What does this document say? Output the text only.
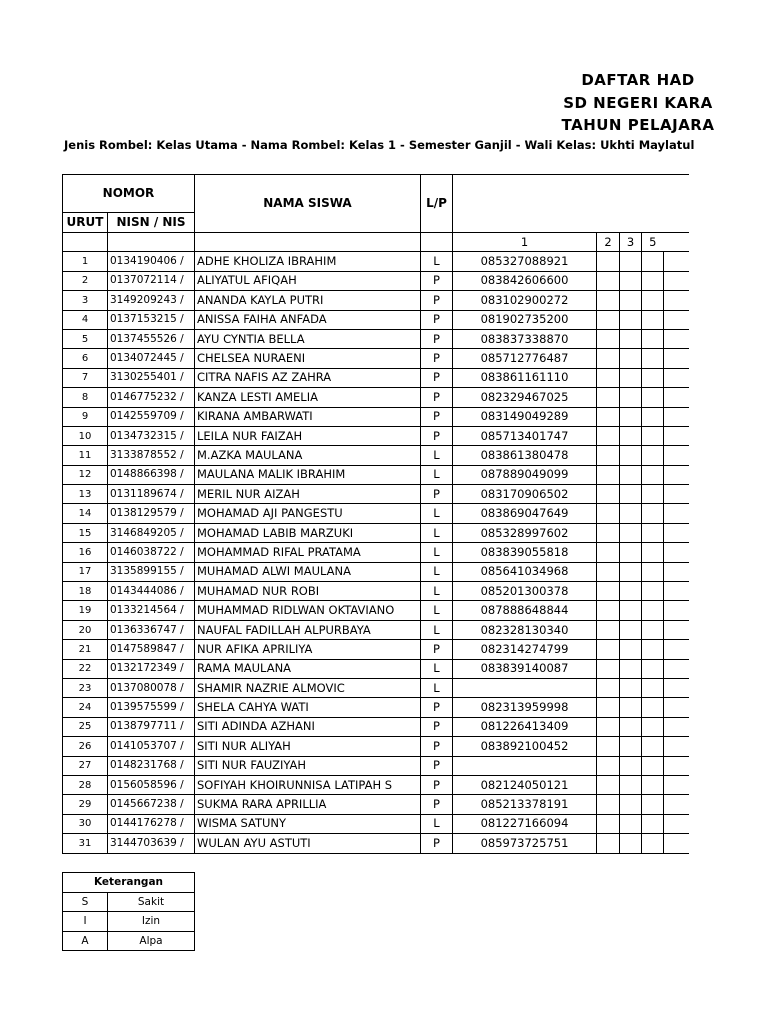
DAFTAR HAD
SD NEGERI KARA
TAHUN PELAJARA
Jenis Rombel: Kelas Utama - Nama Rombel: Kelas 1 - Semester Ganjil - Wali Kelas: Ukhti Maylatul
NOMOR		NAMA SISWA	L/P					
URUT	NISN / NIS							
				1	2	3	5	
1	0134190406 /	ADHE KHOLIZA IBRAHIM	L	085327088921				
2	0137072114 /	ALIYATUL AFIQAH	P	083842606600				
3	3149209243 /	ANANDA KAYLA PUTRI	P	083102900272				
4	0137153215 /	ANISSA FAIHA ANFADA	P	081902735200				
5	0137455526 /	AYU CYNTIA BELLA	P	083837338870				
6	0134072445 /	CHELSEA NURAENI	P	085712776487				
7	3130255401 /	CITRA NAFIS AZ ZAHRA	P	083861161110				
8	0146775232 /	KANZA LESTI AMELIA	P	082329467025				
9	0142559709 /	KIRANA AMBARWATI	P	083149049289				
10	0134732315 /	LEILA NUR FAIZAH	P	085713401747				
11	3133878552 /	M.AZKA MAULANA	L	083861380478				
12	0148866398 /	MAULANA MALIK IBRAHIM	L	087889049099				
13	0131189674 /	MERIL NUR AIZAH	P	083170906502				
14	0138129579 /	MOHAMAD AJI PANGESTU	L	083869047649				
15	3146849205 /	MOHAMAD LABIB MARZUKI	L	085328997602				
16	0146038722 /	MOHAMMAD RIFAL PRATAMA	L	083839055818				
17	3135899155 /	MUHAMAD ALWI MAULANA	L	085641034968				
18	0143444086 /	MUHAMAD NUR ROBI	L	085201300378				
19	0133214564 /	MUHAMMAD RIDLWAN OKTAVIANO	L	087888648844				
20	0136336747 /	NAUFAL FADILLAH ALPURBAYA	L	082328130340				
21	0147589847 /	NUR AFIKA APRILIYA	P	082314274799				
22	0132172349 /	RAMA MAULANA	L	083839140087				
23	0137080078 /	SHAMIR NAZRIE ALMOVIC	L					
24	0139575599 /	SHELA CAHYA WATI	P	082313959998				
25	0138797711 /	SITI ADINDA AZHANI	P	081226413409				
26	0141053707 /	SITI NUR ALIYAH	P	083892100452				
27	0148231768 /	SITI NUR FAUZIYAH	P					
28	0156058596 /	SOFIYAH KHOIRUNNISA LATIPAH S	P	082124050121				
29	0145667238 /	SUKMA RARA APRILLIA	P	085213378191				
30	0144176278 /	WISMA SATUNY	L	081227166094				
31	3144703639 /	WULAN AYU ASTUTI	P	085973725751				
Keterangan	
S	Sakit
I	Izin
A	Alpa
